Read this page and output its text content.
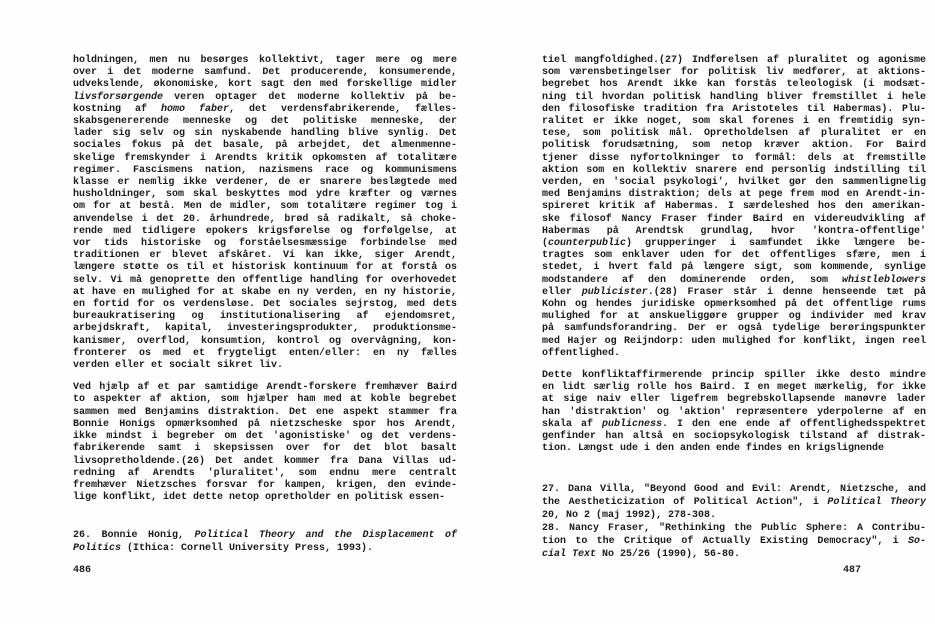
holdningen, men nu besørges kollektivt, tager mere og mere
over i det moderne samfund. Det producerende, konsumerende,
udvekslende, økonomiske, kort sagt den med forskellige midler
livsforsørgende veren optager det moderne kollektiv på be-
kostning af homo faber, det verdensfabrikerende, fælles-
skabsgenererende menneske og det politiske menneske, der
lader sig selv og sin nyskabende handling blive synlig. Det
sociales fokus på det basale, på arbejdet, det almenmenne-
skelige fremskynder i Arendts kritik opkomsten af totalitære
regimer. Fascismens nation, nazismens race og kommunismens
klasse er nemlig ikke verdener, de er snarere beslægtede med
husholdninger, som skal beskyttes mod ydre kræfter og værnes
om for at bestå. Men de midler, som totalitære regimer tog i
anvendelse i det 20. århundrede, brød så radikalt, så choke-
rende med tidligere epokers krigsførelse og forfølgelse, at
vor tids historiske og forståelsesmæssige forbindelse med
traditionen er blevet afskåret. Vi kan ikke, siger Arendt,
længere støtte os til et historisk kontinuum for at forstå os
selv. Vi må genoprette den offentlige handling for overhovedet
at have en mulighed for at skabe en ny verden, en ny historie,
en fortid for os verdensløse. Det sociales sejrstog, med dets
bureaukratisering og institutionalisering af ejendomsret,
arbejdskraft, kapital, investeringsprodukter, produktionsme-
kanismer, overflod, konsumtion, kontrol og overvågning, kon-
fronterer os med et frygteligt enten/eller: en ny fælles
verden eller et socialt sikret liv.
Ved hjælp af et par samtidige Arendt-forskere fremhæver Baird
to aspekter af aktion, som hjælper ham med at koble begrebet
sammen med Benjamins distraktion. Det ene aspekt stammer fra
Bonnie Honigs opmærksomhed på nietzscheske spor hos Arendt,
ikke mindst i begreber om det 'agonistiske' og det verdens-
fabrikerende samt i skepsissen over for det blot basalt
livsopretholdende.(26) Det andet kommer fra Dana Villas ud-
redning af Arendts 'pluralitet', som endnu mere centralt
fremhæver Nietzsches forsvar for kampen, krigen, den evinde-
lige konflikt, idet dette netop opretholder en politisk essen-
26. Bonnie Honig, Political Theory and the Displacement of
Politics (Ithica: Cornell University Press, 1993).
486
tiel mangfoldighed.(27) Indførelsen af pluralitet og agonisme
som værensbetingelser for politisk liv medfører, at aktions-
begrebet hos Arendt ikke kan forstås teleologisk (i modsæt-
ning til hvordan politisk handling bliver fremstillet i hele
den filosofiske tradition fra Aristoteles til Habermas). Plu-
ralitet er ikke noget, som skal forenes i en fremtidig syn-
tese, som politisk mål. Opretholdelsen af pluralitet er en
politisk forudsætning, som netop kræver aktion. For Baird
tjener disse nyfortolkninger to formål: dels at fremstille
aktion som en kollektiv snarere end personlig indstilling til
verden, en 'social psykologi', hvilket gør den sammenlignelig
med Benjamins distraktion; dels at pege frem mod en Arendt-in-
spireret kritik af Habermas. I særdeleshed hos den amerikan-
ske filosof Nancy Fraser finder Baird en videreudvikling af
Habermas på Arendtsk grundlag, hvor 'kontra-offentlige'
(counterpublic) grupperinger i samfundet ikke længere be-
tragtes som enklaver uden for det offentliges sfære, men i
stedet, i hvert fald på længere sigt, som kommende, synlige
modstandere af den dominerende orden, som whistleblowers
eller publicister.(28) Fraser står i denne henseende tæt på
Kohn og hendes juridiske opmerksomhed på det offentlige rums
mulighed for at anskueliggøre grupper og individer med krav
på samfundsforandring. Der er også tydelige berøringspunkter
med Hajer og Reijndorp: uden mulighed for konflikt, ingen reel
offentlighed.
Dette konfliktaffirmerende princip spiller ikke desto mindre
en lidt særlig rolle hos Baird. I en meget mærkelig, for ikke
at sige naiv eller ligefrem begrebskollapsende manøvre lader
han 'distraktion' og 'aktion' repræsentere yderpolerne af en
skala af publicness. I den ene ende af offentlighedsspektret
genfinder han altså en sociopsykologisk tilstand af distrak-
tion. Længst ude i den anden ende findes en krigslignende
27. Dana Villa, "Beyond Good and Evil: Arendt, Nietzsche, and
the Aestheticization of Political Action", i Political Theory
20, No 2 (maj 1992), 278-308.
28. Nancy Fraser, "Rethinking the Public Sphere: A Contribu-
tion to the Critique of Actually Existing Democracy", i So-
cial Text No 25/26 (1990), 56-80.
487
